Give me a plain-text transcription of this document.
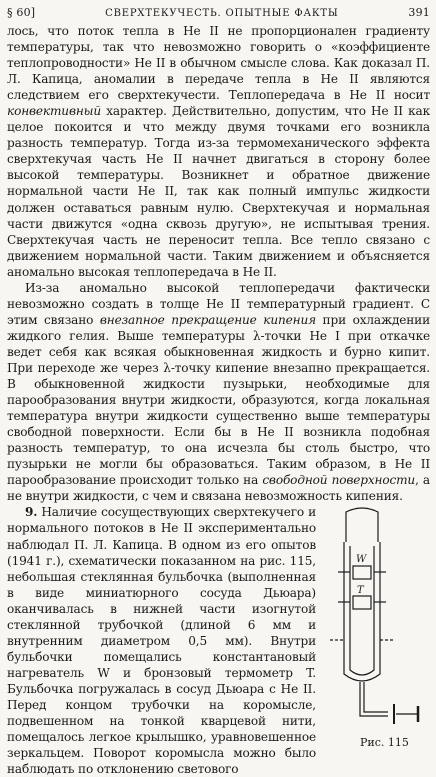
§ 60]	СВЕРХТЕКУЧЕСТЬ. ОПЫТНЫЕ ФАКТЫ	391

лось, что поток тепла в He II не пропорционален градиенту температуры, так что невозможно говорить о «коэффициенте теплопроводности» He II в обычном смысле слова. Как доказал П. Л. Капица, аномалии в передаче тепла в He II являются следствием его сверхтекучести. Теплопередача в He II носит конвективный характер. Действительно, допустим, что He II как целое покоится и что между двумя точками его возникла разность температур. Тогда из-за термомеханического эффекта сверхтекучая часть He II начнет двигаться в сторону более высокой температуры. Возникнет и обратное движение нормальной части He II, так как полный импульс жидкости должен оставаться равным нулю. Сверхтекучая и нормальная части движутся «одна сквозь другую», не испытывая трения. Сверхтекучая часть не переносит тепла. Все тепло связано с движением нормальной части. Таким движением и объясняется аномально высокая теплопередача в He II.

Из-за аномально высокой теплопередачи фактически невозможно создать в толще He II температурный градиент. С этим связано внезапное прекращение кипения при охлаждении жидкого гелия. Выше температуры λ-точки He I при откачке ведет себя как всякая обыкновенная жидкость и бурно кипит. При переходе же через λ-точку кипение внезапно прекращается. В обыкновенной жидкости пузырьки, необходимые для парообразования внутри жидкости, образуются, когда локальная температура внутри жидкости существенно выше температуры свободной поверхности. Если бы в He II возникла подобная разность температур, то она исчезла бы столь быстро, что пузырьки не могли бы образоваться. Таким образом, в He II парообразование происходит только на свободной поверхности, а не внутри жидкости, с чем и связана невозможность кипения.

W
T
Рис. 115

9. Наличие сосуществующих сверхтекучего и нормального потоков в He II экспериментально наблюдал П. Л. Капица. В одном из его опытов (1941 г.), схематически показанном на рис. 115, небольшая стеклянная бульбочка (выполненная в виде миниатюрного сосуда Дьюара) оканчивалась в нижней части изогнутой стеклянной трубочкой (длиной 6 мм и внутренним диаметром 0,5 мм). Внутри бульбочки помещались константановый нагреватель W и бронзовый термометр T. Бульбочка погружалась в сосуд Дьюара с He II. Перед концом трубочки на коромысле, подвешенном на тонкой кварцевой нити, помещалось легкое крылышко, уравновешенное зеркальцем. Поворот коромысла можно было наблюдать по отклонению светового
